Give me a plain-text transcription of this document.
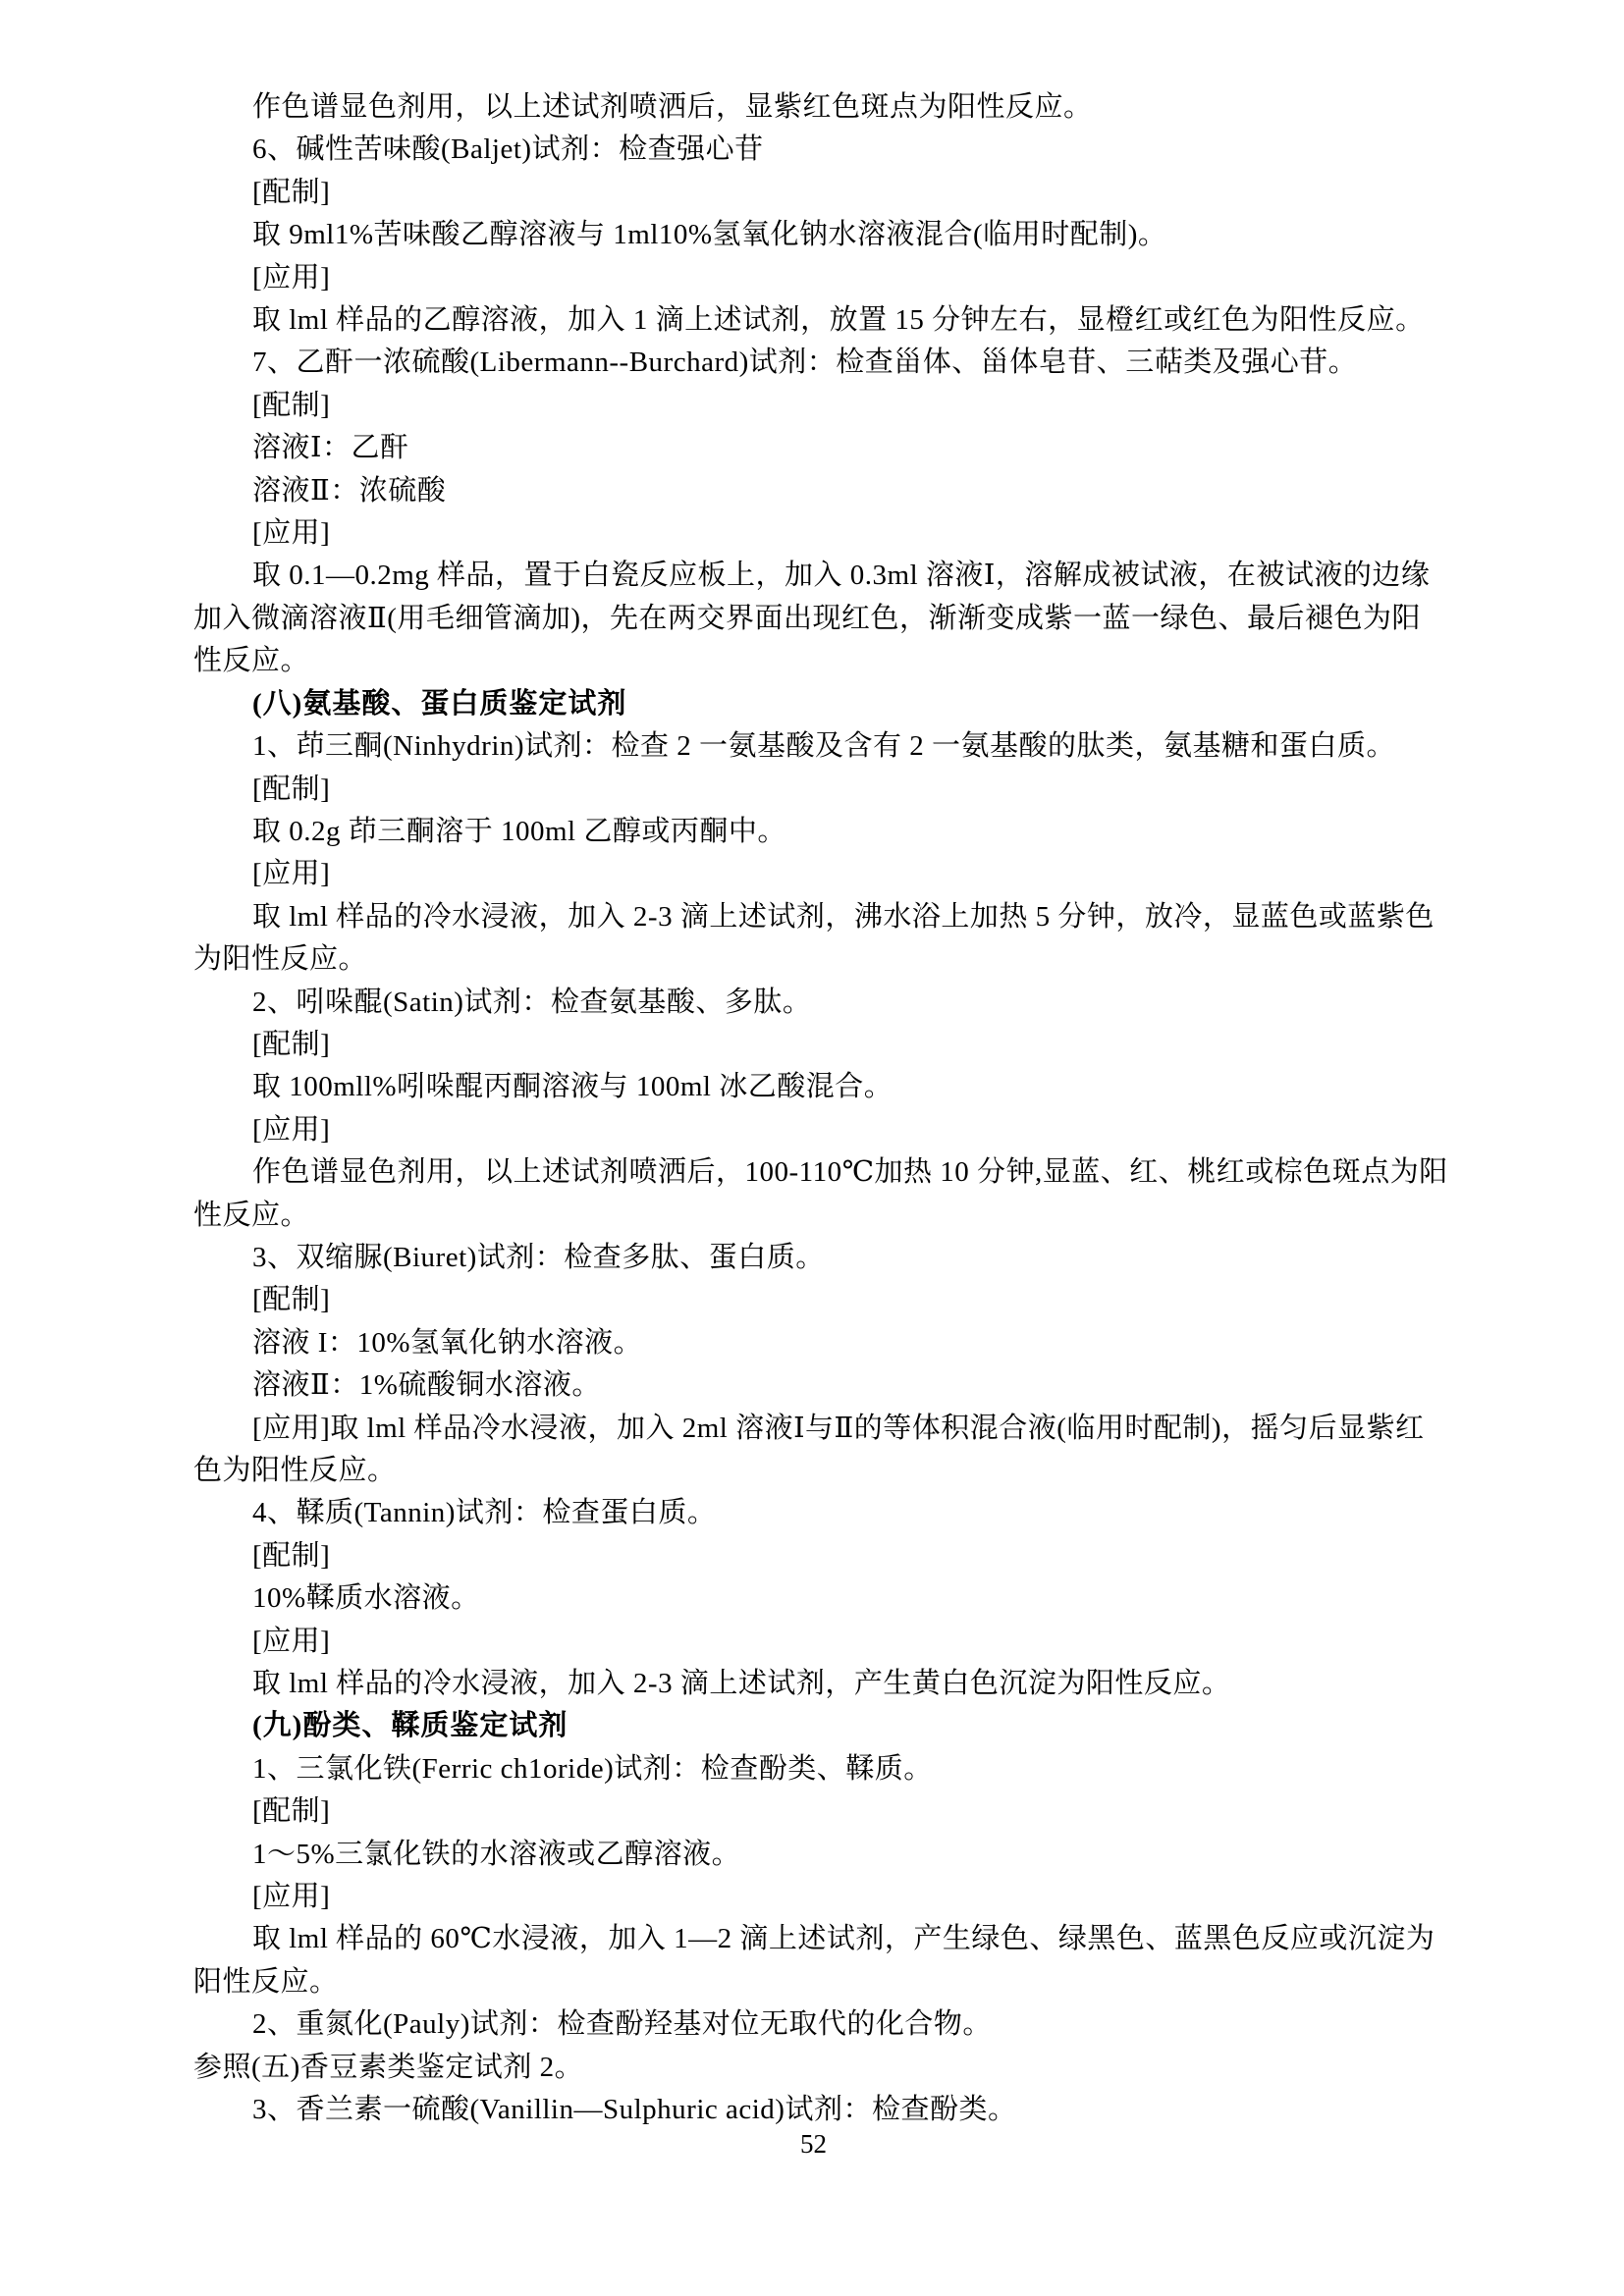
作色谱显色剂用，以上述试剂喷洒后，显紫红色斑点为阳性反应。
6、碱性苦味酸(Baljet)试剂：检查强心苷
[配制]
取 9ml1%苦味酸乙醇溶液与 1ml10%氢氧化钠水溶液混合(临用时配制)。
[应用]
取 lml 样品的乙醇溶液，加入 1 滴上述试剂，放置 15 分钟左右，显橙红或红色为阳性反应。
7、乙酐一浓硫酸(Libermann--Burchard)试剂：检查甾体、甾体皂苷、三萜类及强心苷。
[配制]
溶液Ⅰ：乙酐
溶液Ⅱ：浓硫酸
[应用]
取 0.1—0.2mg 样品，置于白瓷反应板上，加入 0.3ml 溶液Ⅰ，溶解成被试液，在被试液的边缘
加入微滴溶液Ⅱ(用毛细管滴加)，先在两交界面出现红色，渐渐变成紫一蓝一绿色、最后褪色为阳
性反应。
(八)氨基酸、蛋白质鉴定试剂
1、茚三酮(Ninhydrin)试剂：检查 2 一氨基酸及含有 2 一氨基酸的肽类，氨基糖和蛋白质。
[配制]
取 0.2g 茚三酮溶于 100ml 乙醇或丙酮中。
[应用]
取 lml 样品的冷水浸液，加入 2-3 滴上述试剂，沸水浴上加热 5 分钟，放冷，显蓝色或蓝紫色
为阳性反应。
2、吲哚醌(Satin)试剂：检查氨基酸、多肽。
[配制]
取 100mll%吲哚醌丙酮溶液与 100ml 冰乙酸混合。
[应用]
作色谱显色剂用，以上述试剂喷洒后，100-110℃加热 10 分钟,显蓝、红、桃红或棕色斑点为阳
性反应。
3、双缩脲(Biuret)试剂：检查多肽、蛋白质。
[配制]
溶液 I：10%氢氧化钠水溶液。
溶液Ⅱ：1%硫酸铜水溶液。
[应用]取 lml 样品冷水浸液，加入 2ml 溶液Ⅰ与Ⅱ的等体积混合液(临用时配制)，摇匀后显紫红
色为阳性反应。
4、鞣质(Tannin)试剂：检查蛋白质。
[配制]
10%鞣质水溶液。
[应用]
取 lml 样品的冷水浸液，加入 2-3 滴上述试剂，产生黄白色沉淀为阳性反应。
(九)酚类、鞣质鉴定试剂
1、三氯化铁(Ferric ch1oride)试剂：检查酚类、鞣质。
[配制]
1～5%三氯化铁的水溶液或乙醇溶液。
[应用]
取 lml 样品的 60℃水浸液，加入 1—2 滴上述试剂，产生绿色、绿黑色、蓝黑色反应或沉淀为
阳性反应。
2、重氮化(Pauly)试剂：检查酚羟基对位无取代的化合物。
参照(五)香豆素类鉴定试剂 2。
3、香兰素一硫酸(Vanillin—Sulphuric acid)试剂：检查酚类。
52
